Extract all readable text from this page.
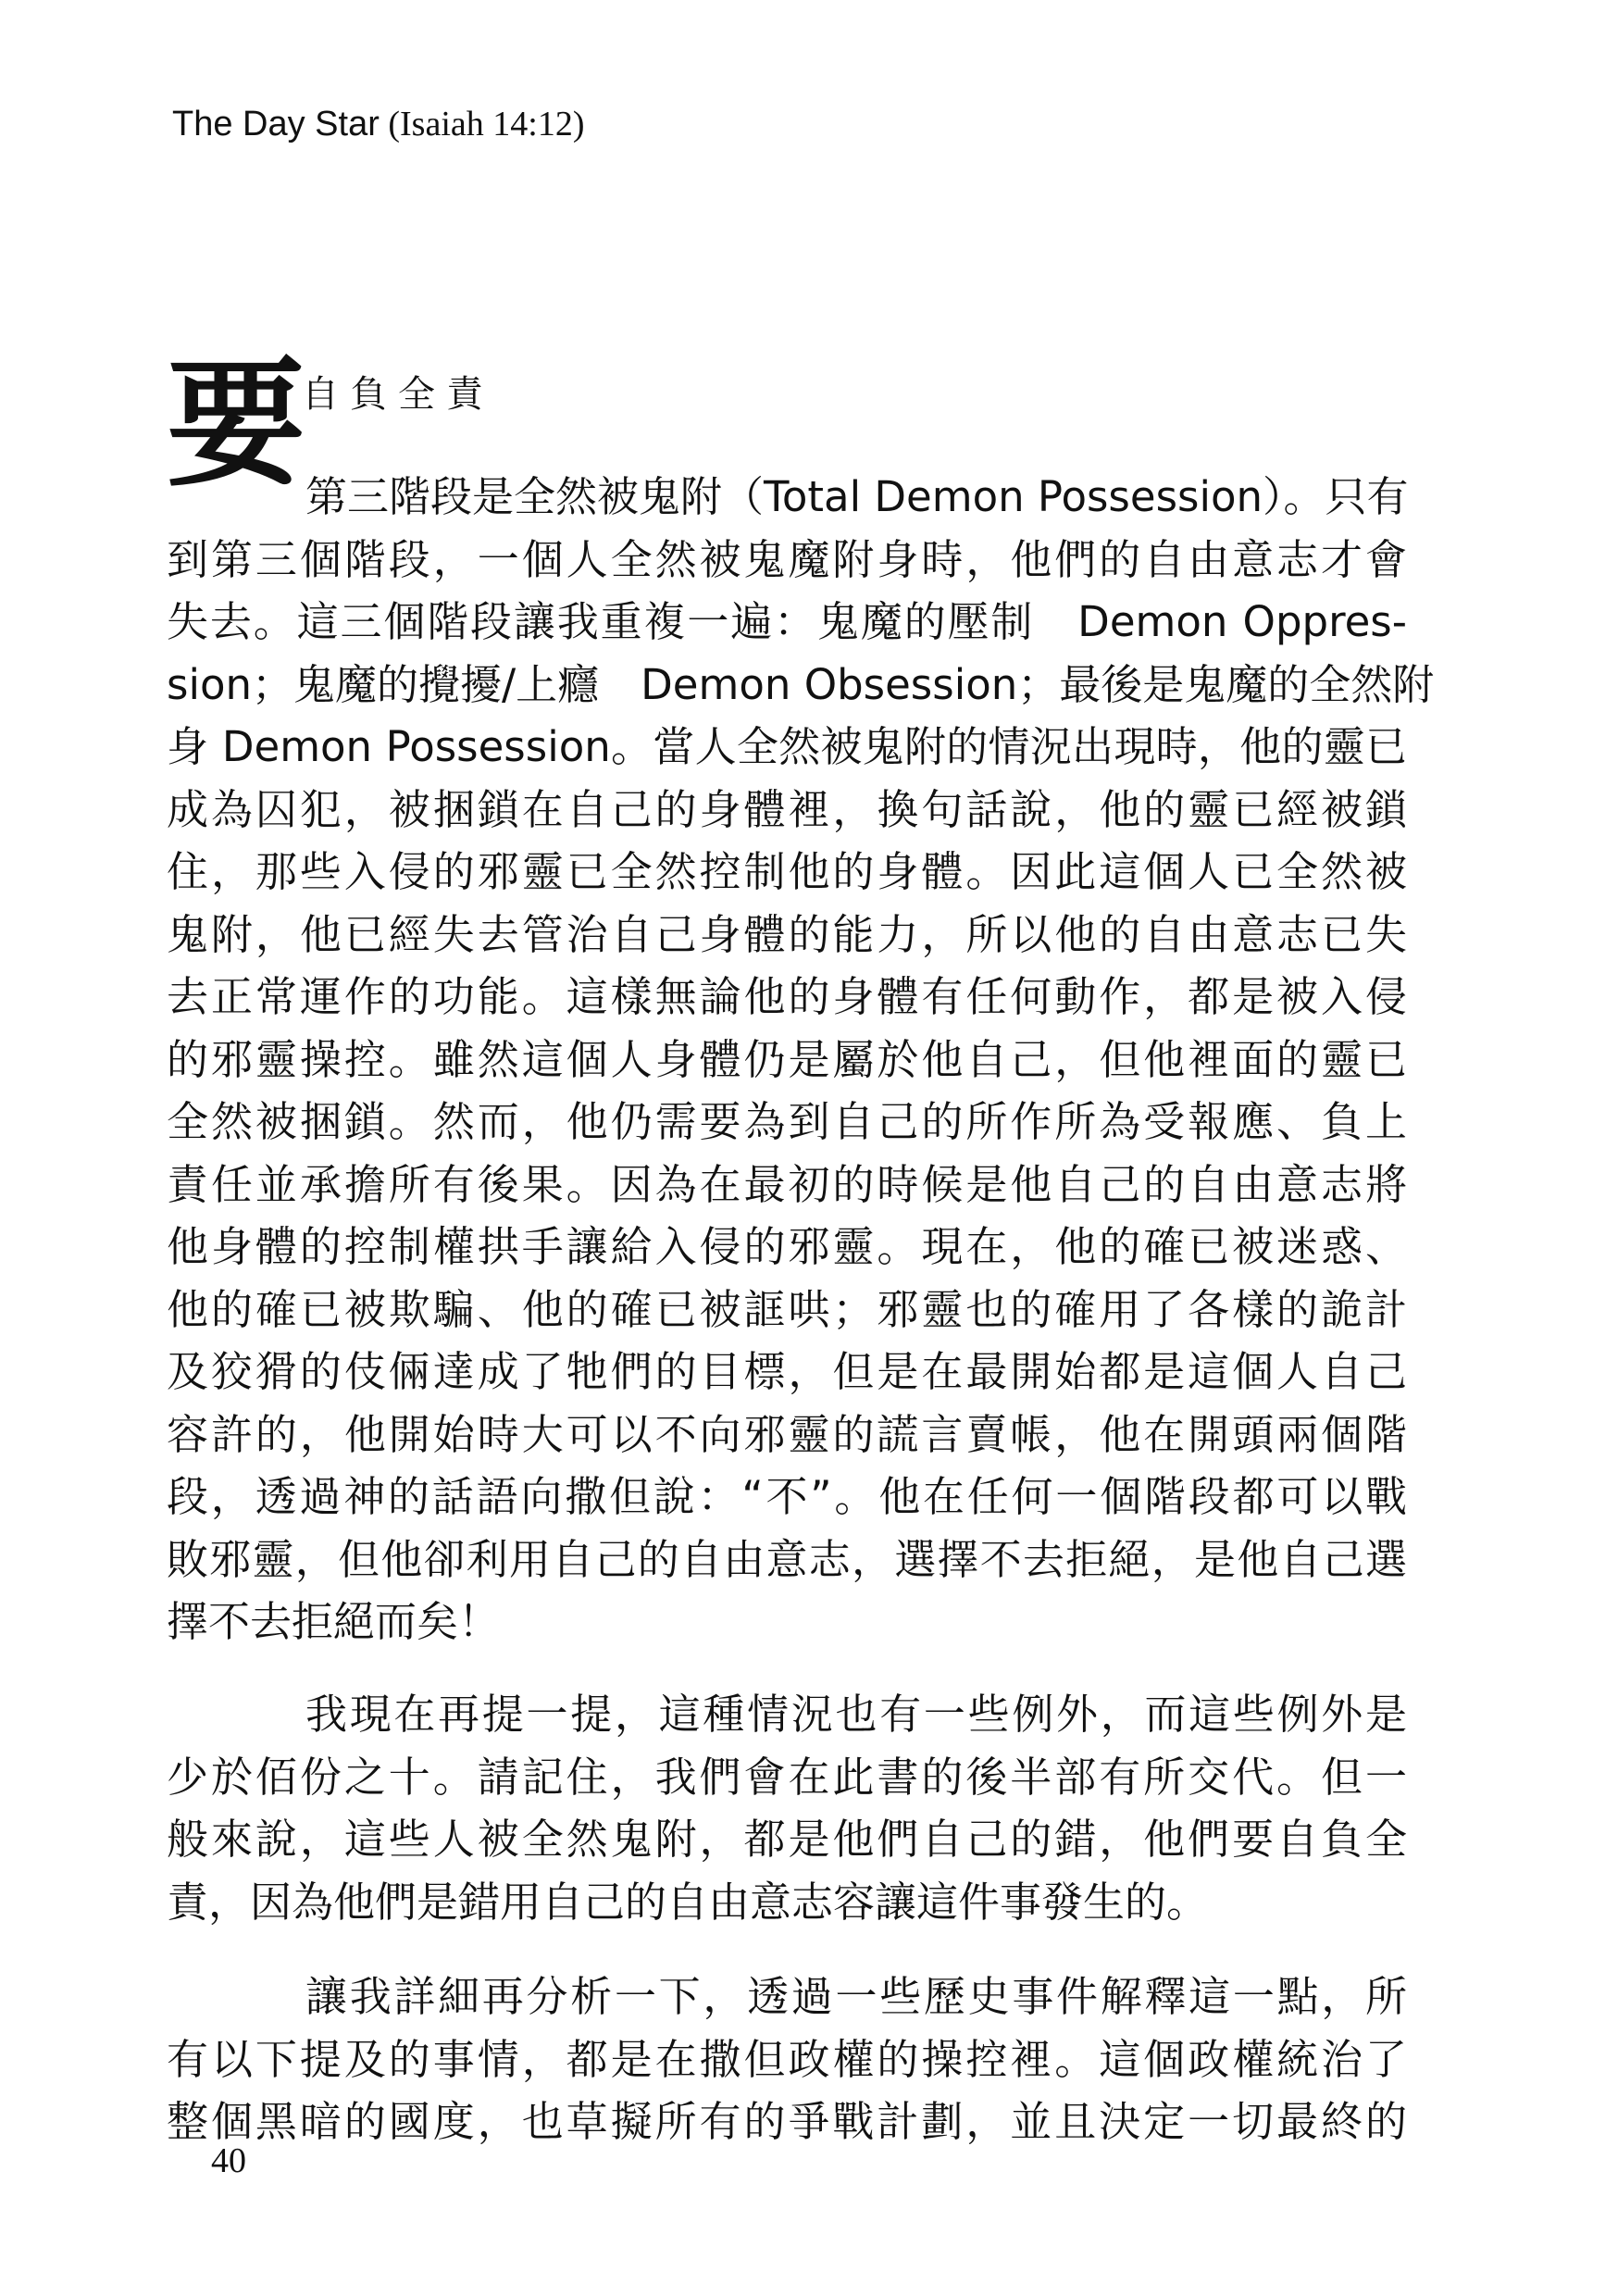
The Day Star (Isaiah 14:12)
要
自負全責
第三階段是全然被鬼附（Total Demon Possession）。只有
到第三個階段，一個人全然被鬼魔附身時，他們的自由意志才會
失去。這三個階段讓我重複一遍：鬼魔的壓制　Demon Oppres-
sion；鬼魔的攪擾/上癮　Demon Obsession；最後是鬼魔的全然附
身 Demon Possession。當人全然被鬼附的情況出現時，他的靈已
成為囚犯，被捆鎖在自己的身體裡，換句話說，他的靈已經被鎖
住，那些入侵的邪靈已全然控制他的身體。因此這個人已全然被
鬼附，他已經失去管治自己身體的能力，所以他的自由意志已失
去正常運作的功能。這樣無論他的身體有任何動作，都是被入侵
的邪靈操控。雖然這個人身體仍是屬於他自己，但他裡面的靈已
全然被捆鎖。然而，他仍需要為到自己的所作所為受報應、負上
責任並承擔所有後果。因為在最初的時候是他自己的自由意志將
他身體的控制權拱手讓給入侵的邪靈。現在，他的確已被迷惑、
他的確已被欺騙、他的確已被誆哄；邪靈也的確用了各樣的詭計
及狡猾的伎倆達成了牠們的目標，但是在最開始都是這個人自己
容許的，他開始時大可以不向邪靈的謊言賣帳，他在開頭兩個階
段，透過神的話語向撒但說：“不”。他在任何一個階段都可以戰
敗邪靈，但他卻利用自己的自由意志，選擇不去拒絕，是他自己選
擇不去拒絕而矣！
我現在再提一提，這種情況也有一些例外，而這些例外是
少於佰份之十。請記住，我們會在此書的後半部有所交代。但一
般來說，這些人被全然鬼附，都是他們自己的錯，他們要自負全
責，因為他們是錯用自己的自由意志容讓這件事發生的。
讓我詳細再分析一下，透過一些歷史事件解釋這一點，所
有以下提及的事情，都是在撒但政權的操控裡。這個政權統治了
整個黑暗的國度，也草擬所有的爭戰計劃，並且決定一切最終的
40
